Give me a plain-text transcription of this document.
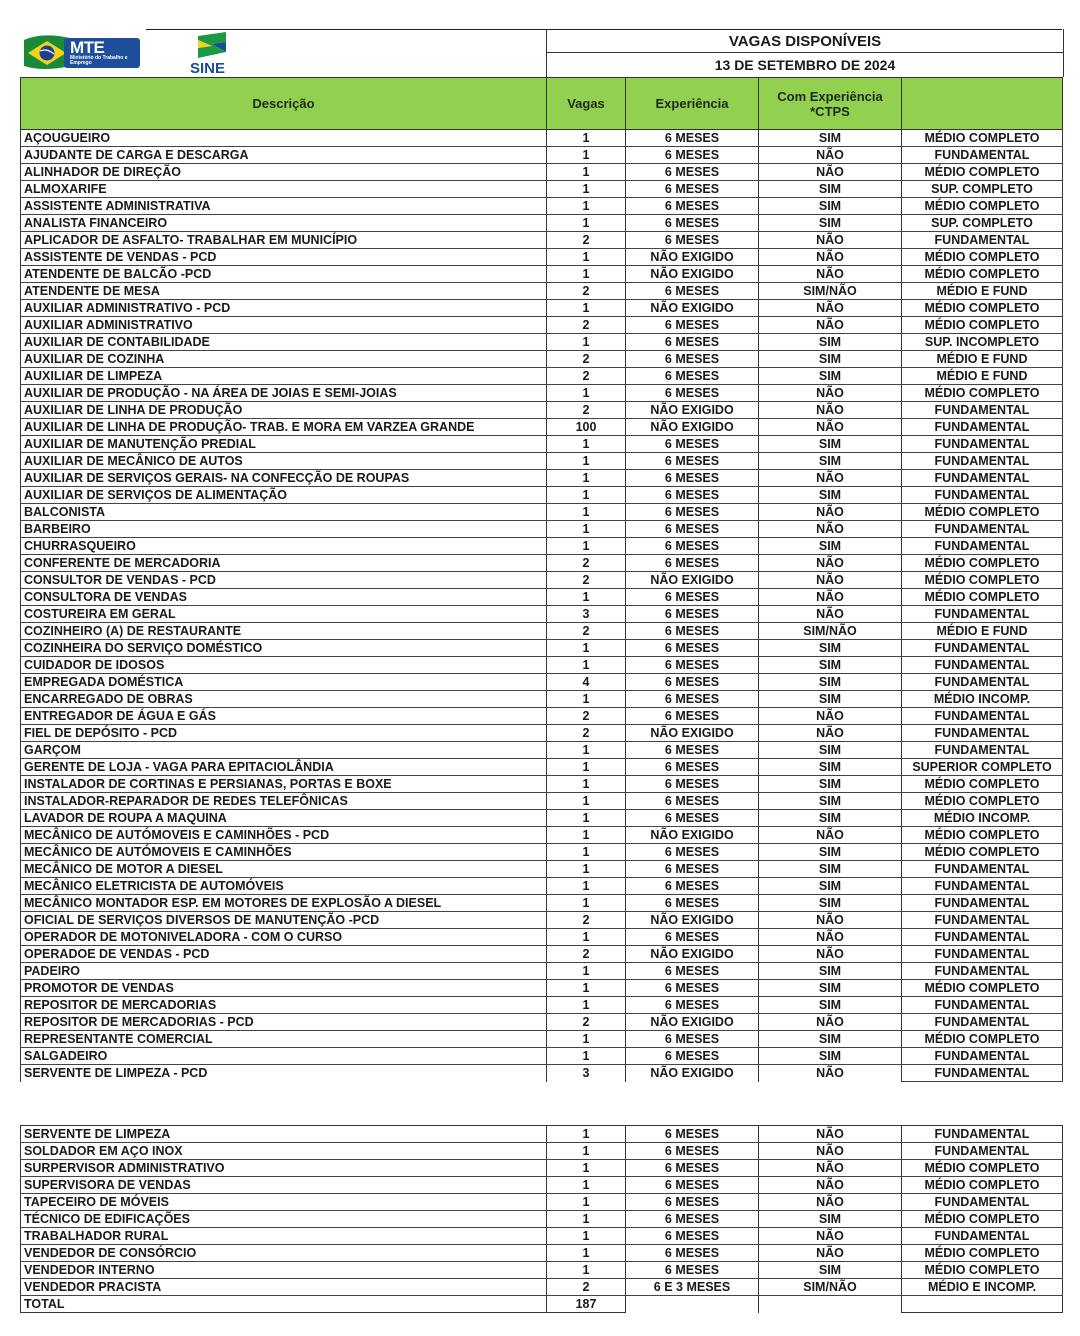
MTE
Ministério do Trabalho e Emprego	SINE
VAGAS DISPONÍVEIS
13 DE SETEMBRO DE 2024
Descrição	Vagas	Experiência	Com Experiência
*CTPS	

AÇOUGUEIRO	1	6 MESES	SIM	MÉDIO COMPLETO
AJUDANTE DE CARGA E DESCARGA	1	6 MESES	NÃO	FUNDAMENTAL
ALINHADOR DE DIREÇÃO	1	6 MESES	NÃO	MÉDIO COMPLETO
ALMOXARIFE	1	6 MESES	SIM	SUP. COMPLETO
ASSISTENTE ADMINISTRATIVA	1	6 MESES	SIM	MÉDIO COMPLETO
ANALISTA FINANCEIRO	1	6 MESES	SIM	SUP. COMPLETO
APLICADOR DE ASFALTO- TRABALHAR EM MUNICÍPIO	2	6 MESES	NÃO	FUNDAMENTAL
ASSISTENTE DE VENDAS - PCD	1	NÃO EXIGIDO	NÃO	MÉDIO COMPLETO
ATENDENTE DE BALCÃO -PCD	1	NÃO EXIGIDO	NÃO	MÉDIO COMPLETO
ATENDENTE DE MESA	2	6 MESES	SIM/NÃO	MÉDIO E FUND
AUXILIAR ADMINISTRATIVO - PCD	1	NÃO EXIGIDO	NÃO	MÉDIO COMPLETO
AUXILIAR ADMINISTRATIVO	2	6 MESES	NÃO	MÉDIO COMPLETO
AUXILIAR DE CONTABILIDADE	1	6 MESES	SIM	SUP. INCOMPLETO
AUXILIAR DE COZINHA	2	6 MESES	SIM	MÉDIO E FUND
AUXILIAR DE LIMPEZA	2	6 MESES	SIM	MÉDIO E FUND
AUXILIAR DE PRODUÇÃO - NA ÁREA DE JOIAS E SEMI-JOIAS	1	6 MESES	NÃO	MÉDIO COMPLETO
AUXILIAR DE LINHA DE PRODUÇÃO	2	NÃO EXIGIDO	NÃO	FUNDAMENTAL
AUXILIAR DE LINHA DE PRODUÇÃO- TRAB. E MORA EM VARZEA GRANDE	100	NÃO EXIGIDO	NÃO	FUNDAMENTAL
AUXILIAR DE MANUTENÇÃO PREDIAL	1	6 MESES	SIM	FUNDAMENTAL
AUXILIAR DE MECÂNICO DE AUTOS	1	6 MESES	SIM	FUNDAMENTAL
AUXILIAR DE SERVIÇOS GERAIS- NA CONFECÇÃO DE ROUPAS	1	6 MESES	NÃO	FUNDAMENTAL
AUXILIAR DE SERVIÇOS DE ALIMENTAÇÃO	1	6 MESES	SIM	FUNDAMENTAL
BALCONISTA	1	6 MESES	NÃO	MÉDIO COMPLETO
BARBEIRO	1	6 MESES	NÃO	FUNDAMENTAL
CHURRASQUEIRO	1	6 MESES	SIM	FUNDAMENTAL
CONFERENTE DE MERCADORIA	2	6 MESES	NÃO	MÉDIO COMPLETO
CONSULTOR DE VENDAS - PCD	2	NÃO EXIGIDO	NÃO	MÉDIO COMPLETO
CONSULTORA DE VENDAS	1	6 MESES	NÃO	MÉDIO COMPLETO
COSTUREIRA EM GERAL	3	6 MESES	NÃO	FUNDAMENTAL
COZINHEIRO (A) DE RESTAURANTE	2	6 MESES	SIM/NÃO	MÉDIO E FUND
COZINHEIRA DO SERVIÇO DOMÉSTICO	1	6 MESES	SIM	FUNDAMENTAL
CUIDADOR DE IDOSOS	1	6 MESES	SIM	FUNDAMENTAL
EMPREGADA DOMÉSTICA	4	6 MESES	SIM	FUNDAMENTAL
ENCARREGADO DE OBRAS	1	6 MESES	SIM	MÉDIO INCOMP.
ENTREGADOR DE ÁGUA E GÁS	2	6 MESES	NÃO	FUNDAMENTAL
FIEL DE DEPÓSITO - PCD	2	NÃO EXIGIDO	NÃO	FUNDAMENTAL
GARÇOM	1	6 MESES	SIM	FUNDAMENTAL
GERENTE DE LOJA - VAGA PARA EPITACIOLÂNDIA	1	6 MESES	SIM	SUPERIOR COMPLETO
INSTALADOR DE CORTINAS E PERSIANAS, PORTAS E BOXE	1	6 MESES	SIM	MÉDIO COMPLETO
INSTALADOR-REPARADOR DE REDES TELEFÔNICAS	1	6 MESES	SIM	MÉDIO COMPLETO
LAVADOR DE ROUPA A MAQUINA	1	6 MESES	SIM	MÉDIO INCOMP.
MECÂNICO DE AUTÓMOVEIS E CAMINHÕES - PCD	1	NÃO EXIGIDO	NÃO	MÉDIO COMPLETO
MECÂNICO DE AUTÓMOVEIS E CAMINHÕES	1	6 MESES	SIM	MÉDIO COMPLETO
MECÂNICO DE MOTOR A DIESEL	1	6 MESES	SIM	FUNDAMENTAL
MECÂNICO ELETRICISTA DE AUTOMÓVEIS	1	6 MESES	SIM	FUNDAMENTAL
MECÂNICO MONTADOR ESP. EM MOTORES DE EXPLOSÃO A DIESEL	1	6 MESES	SIM	FUNDAMENTAL
OFICIAL DE SERVIÇOS DIVERSOS DE MANUTENÇÃO -PCD	2	NÃO EXIGIDO	NÃO	FUNDAMENTAL
OPERADOR DE MOTONIVELADORA - COM O CURSO	1	6 MESES	NÃO	FUNDAMENTAL
OPERADOE DE VENDAS - PCD	2	NÃO EXIGIDO	NÃO	FUNDAMENTAL
PADEIRO	1	6 MESES	SIM	FUNDAMENTAL
PROMOTOR DE VENDAS	1	6 MESES	SIM	MÉDIO COMPLETO
REPOSITOR DE MERCADORIAS	1	6 MESES	SIM	FUNDAMENTAL
REPOSITOR DE MERCADORIAS - PCD	2	NÃO EXIGIDO	NÃO	FUNDAMENTAL
REPRESENTANTE COMERCIAL	1	6 MESES	SIM	MÉDIO COMPLETO
SALGADEIRO	1	6 MESES	SIM	FUNDAMENTAL
SERVENTE DE LIMPEZA - PCD	3	NÃO EXIGIDO	NÃO	FUNDAMENTAL
SERVENTE DE LIMPEZA	1	6 MESES	NÃO	FUNDAMENTAL
SOLDADOR EM AÇO INOX	1	6 MESES	NÃO	FUNDAMENTAL
SURPERVISOR ADMINISTRATIVO	1	6 MESES	NÃO	MÉDIO COMPLETO
SUPERVISORA DE VENDAS	1	6 MESES	NÃO	MÉDIO COMPLETO
TAPECEIRO DE MÓVEIS	1	6 MESES	NÃO	FUNDAMENTAL
TÉCNICO DE EDIFICAÇÕES	1	6 MESES	SIM	MÉDIO COMPLETO
TRABALHADOR RURAL	1	6 MESES	NÃO	FUNDAMENTAL
VENDEDOR DE CONSÓRCIO	1	6 MESES	NÃO	MÉDIO COMPLETO
VENDEDOR INTERNO	1	6 MESES	SIM	MÉDIO COMPLETO
VENDEDOR PRACISTA	2	6 E 3 MESES	SIM/NÃO	MÉDIO E INCOMP.
TOTAL	187			
